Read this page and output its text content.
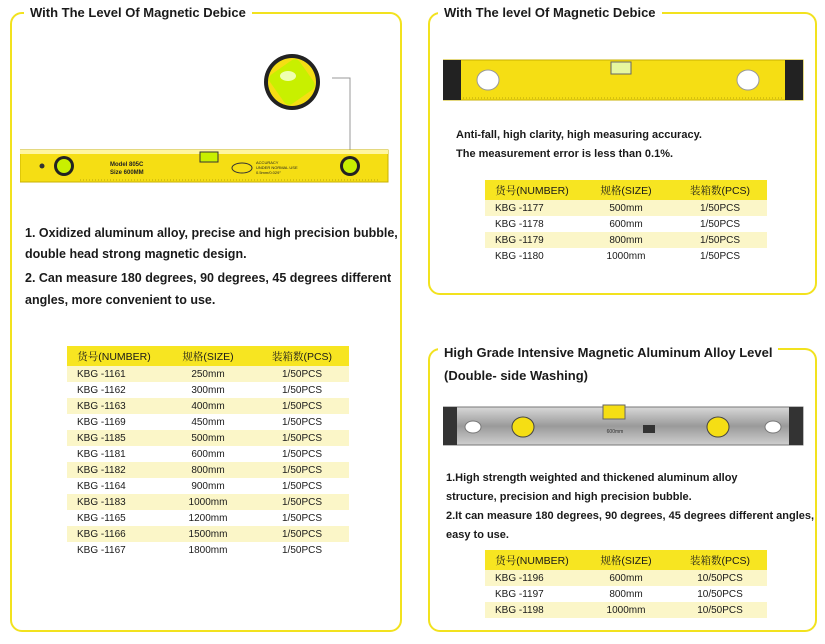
With The Level Of Magnetic Debice
Model 805C
Size 600MM
ACCURACY
UNDER NORMAL USE
0.5mm/0.029°
1. Oxidized aluminum alloy, precise and high precision bubble,
double head strong magnetic design.
2. Can measure 180 degrees, 90 degrees, 45 degrees different
angles, more convenient to use.
货号(NUMBER)	规格(SIZE)	装箱数(PCS)
KBG -1161	250mm	1/50PCS
KBG -1162	300mm	1/50PCS
KBG -1163	400mm	1/50PCS
KBG -1169	450mm	1/50PCS
KBG -1185	500mm	1/50PCS
KBG -1181	600mm	1/50PCS
KBG -1182	800mm	1/50PCS
KBG -1164	900mm	1/50PCS
KBG -1183	1000mm	1/50PCS
KBG -1165	1200mm	1/50PCS
KBG -1166	1500mm	1/50PCS
KBG -1167	1800mm	1/50PCS
With The level Of Magnetic Debice
Anti-fall, high clarity, high measuring accuracy.
The measurement error is less than 0.1%.
货号(NUMBER)	规格(SIZE)	装箱数(PCS)
KBG -1177	500mm	1/50PCS
KBG -1178	600mm	1/50PCS
KBG -1179	800mm	1/50PCS
KBG -1180	1000mm	1/50PCS
High Grade Intensive Magnetic Aluminum Alloy Level
(Double- side Washing)
600mm
1.High strength weighted and thickened aluminum alloy
structure, precision and high precision bubble.
2.It can measure 180 degrees, 90 degrees, 45 degrees different angles,
easy to use.
货号(NUMBER)	规格(SIZE)	装箱数(PCS)
KBG -1196	600mm	10/50PCS
KBG -1197	800mm	10/50PCS
KBG -1198	1000mm	10/50PCS
